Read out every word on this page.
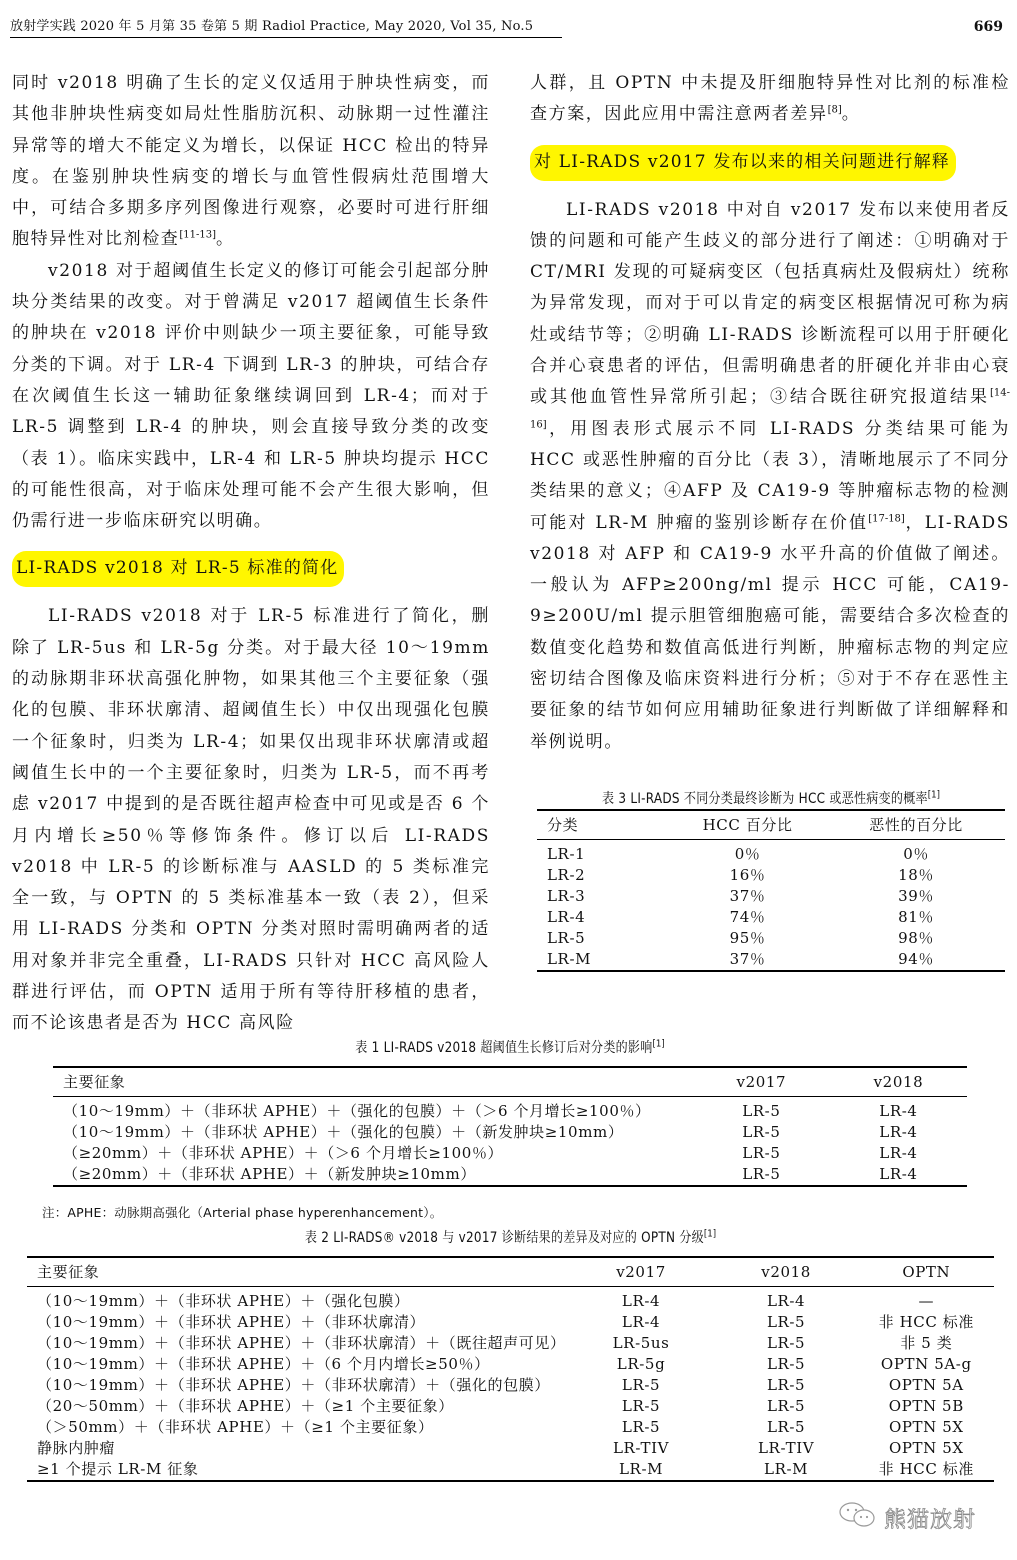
放射学实践 2020 年 5 月第 35 卷第 5 期 Radiol Practice, May 2020, Vol 35, No.5	669

同时 v2018 明确了生长的定义仅适用于肿块性病变，而其他非肿块性病变如局灶性脂肪沉积、动脉期一过性灌注异常等的增大不能定义为增长，以保证 HCC 检出的特异度。在鉴别肿块性病变的增长与血管性假病灶范围增大中，可结合多期多序列图像进行观察，必要时可进行肝细胞特异性对比剂检查[11-13]。

v2018 对于超阈值生长定义的修订可能会引起部分肿块分类结果的改变。对于曾满足 v2017 超阈值生长条件的肿块在 v2018 评价中则缺少一项主要征象，可能导致分类的下调。对于 LR-4 下调到 LR-3 的肿块，可结合存在次阈值生长这一辅助征象继续调回到 LR-4；而对于 LR-5 调整到 LR-4 的肿块，则会直接导致分类的改变（表 1）。临床实践中，LR-4 和 LR-5 肿块均提示 HCC 的可能性很高，对于临床处理可能不会产生很大影响，但仍需行进一步临床研究以明确。

LI-RADS v2018 对 LR-5 标准的简化

LI-RADS v2018 对于 LR-5 标准进行了简化，删除了 LR-5us 和 LR-5g 分类。对于最大径 10～19mm 的动脉期非环状高强化肿物，如果其他三个主要征象（强化的包膜、非环状廓清、超阈值生长）中仅出现强化包膜一个征象时，归类为 LR-4；如果仅出现非环状廓清或超阈值生长中的一个主要征象时，归类为 LR-5，而不再考虑 v2017 中提到的是否既往超声检查中可见或是否 6 个月内增长≥50％等修饰条件。修订以后 LI-RADS v2018 中 LR-5 的诊断标准与 AASLD 的 5 类标准完全一致，与 OPTN 的 5 类标准基本一致（表 2），但采用 LI-RADS 分类和 OPTN 分类对照时需明确两者的适用对象并非完全重叠，LI-RADS 只针对 HCC 高风险人群进行评估，而 OPTN 适用于所有等待肝移植的患者，而不论该患者是否为 HCC 高风险

人群，且 OPTN 中未提及肝细胞特异性对比剂的标准检查方案，因此应用中需注意两者差异[8]。

对 LI-RADS v2017 发布以来的相关问题进行解释

LI-RADS v2018 中对自 v2017 发布以来使用者反馈的问题和可能产生歧义的部分进行了阐述：①明确对于 CT/MRI 发现的可疑病变区（包括真病灶及假病灶）统称为异常发现，而对于可以肯定的病变区根据情况可称为病灶或结节等；②明确 LI-RADS 诊断流程可以用于肝硬化合并心衰患者的评估，但需明确患者的肝硬化并非由心衰或其他血管性异常所引起；③结合既往研究报道结果[14-16]，用图表形式展示不同 LI-RADS 分类结果可能为 HCC 或恶性肿瘤的百分比（表 3），清晰地展示了不同分类结果的意义；④AFP 及 CA19-9 等肿瘤标志物的检测可能对 LR-M 肿瘤的鉴别诊断存在价值[17-18]，LI-RADS v2018 对 AFP 和 CA19-9 水平升高的价值做了阐述。一般认为 AFP≥200ng/ml 提示 HCC 可能，CA19-9≥200U/ml 提示胆管细胞癌可能，需要结合多次检查的数值变化趋势和数值高低进行判断，肿瘤标志物的判定应密切结合图像及临床资料进行分析；⑤对于不存在恶性主要征象的结节如何应用辅助征象进行判断做了详细解释和举例说明。

表 3 LI-RADS 不同分类最终诊断为 HCC 或恶性病变的概率[1]
分类	HCC 百分比	恶性的百分比
LR-1	0％	0％
LR-2	16％	18％
LR-3	37％	39％
LR-4	74％	81％
LR-5	95％	98％
LR-M	37％	94％
表 1 LI-RADS v2018 超阈值生长修订后对分类的影响[1]
主要征象	v2017	v2018
（10～19mm）＋（非环状 APHE）＋（强化的包膜）＋（＞6 个月增长≥100％）	LR-5	LR-4
（10～19mm）＋（非环状 APHE）＋（强化的包膜）＋（新发肿块≥10mm）	LR-5	LR-4
（≥20mm）＋（非环状 APHE）＋（＞6 个月增长≥100％）	LR-5	LR-4
（≥20mm）＋（非环状 APHE）＋（新发肿块≥10mm）	LR-5	LR-4
注：APHE：动脉期高强化（Arterial phase hyperenhancement）。
表 2 LI-RADS® v2018 与 v2017 诊断结果的差异及对应的 OPTN 分级[1]
主要征象	v2017	v2018	OPTN
（10～19mm）＋（非环状 APHE）＋（强化包膜）	LR-4	LR-4	—
（10～19mm）＋（非环状 APHE）＋（非环状廓清）	LR-4	LR-5	非 HCC 标准
（10～19mm）＋（非环状 APHE）＋（非环状廓清）＋（既往超声可见）	LR-5us	LR-5	非 5 类
（10～19mm）＋（非环状 APHE）＋（6 个月内增长≥50％）	LR-5g	LR-5	OPTN 5A-g
（10～19mm）＋（非环状 APHE）＋（非环状廓清）＋（强化的包膜）	LR-5	LR-5	OPTN 5A
（20～50mm）＋（非环状 APHE）＋（≥1 个主要征象）	LR-5	LR-5	OPTN 5B
（＞50mm）＋（非环状 APHE）＋（≥1 个主要征象）	LR-5	LR-5	OPTN 5X
静脉内肿瘤	LR-TIV	LR-TIV	OPTN 5X
≥1 个提示 LR-M 征象	LR-M	LR-M	非 HCC 标准
熊猫放射
